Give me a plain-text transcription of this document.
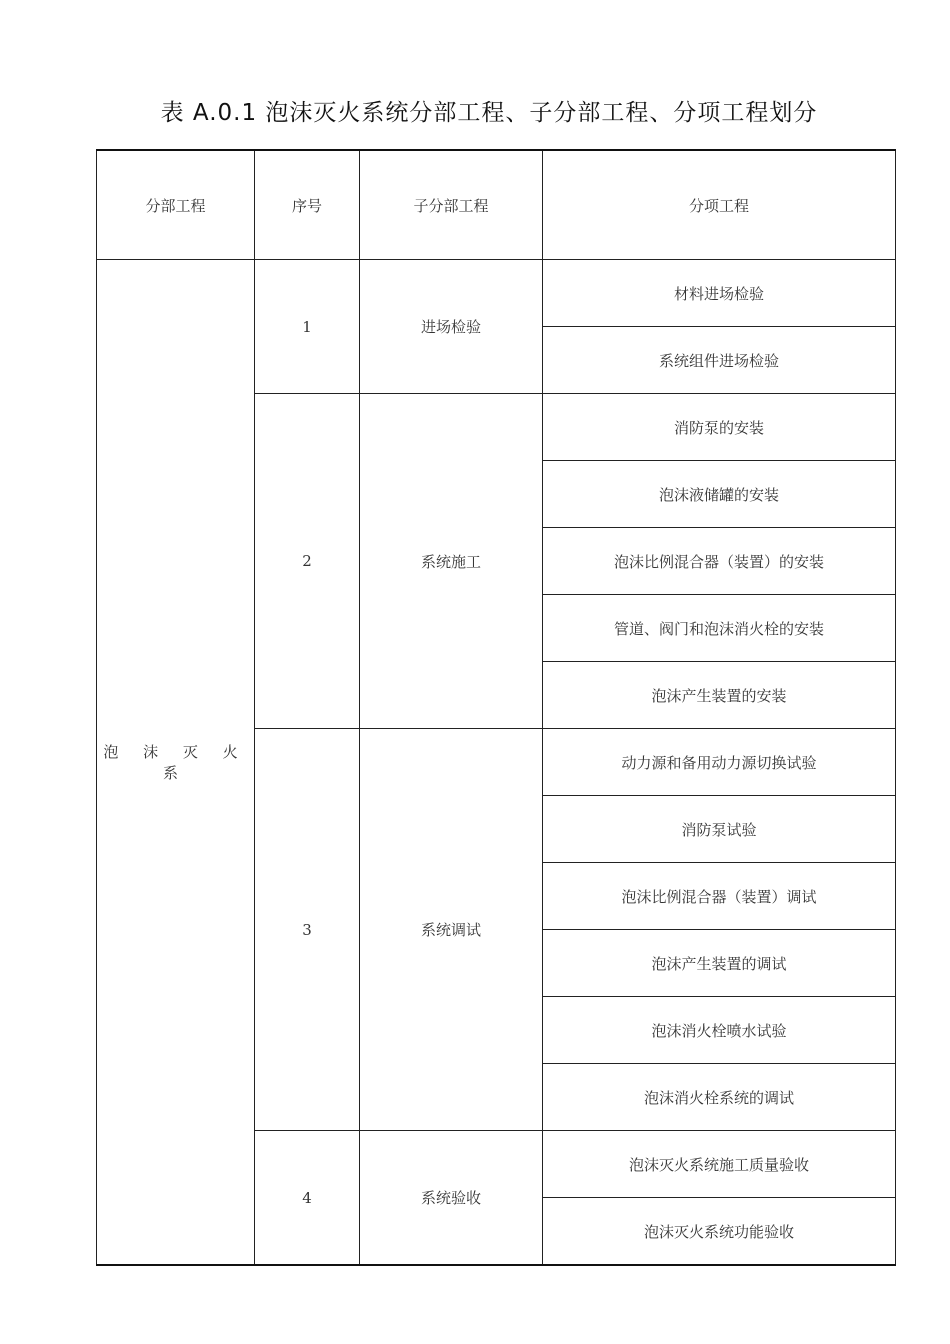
表 A.0.1 泡沫灭火系统分部工程、子分部工程、分项工程划分
分部工程	序号	子分部工程	分项工程
泡 沫 灭 火 系	1	进场检验	材料进场检验
			系统组件进场检验
	2	系统施工	消防泵的安装
			泡沫液储罐的安装
			泡沫比例混合器（装置）的安装
			管道、阀门和泡沫消火栓的安装
			泡沫产生装置的安装
	3	系统调试	动力源和备用动力源切换试验
			消防泵试验
			泡沫比例混合器（装置）调试
			泡沫产生装置的调试
			泡沫消火栓喷水试验
			泡沫消火栓系统的调试
	4	系统验收	泡沫灭火系统施工质量验收
			泡沫灭火系统功能验收
